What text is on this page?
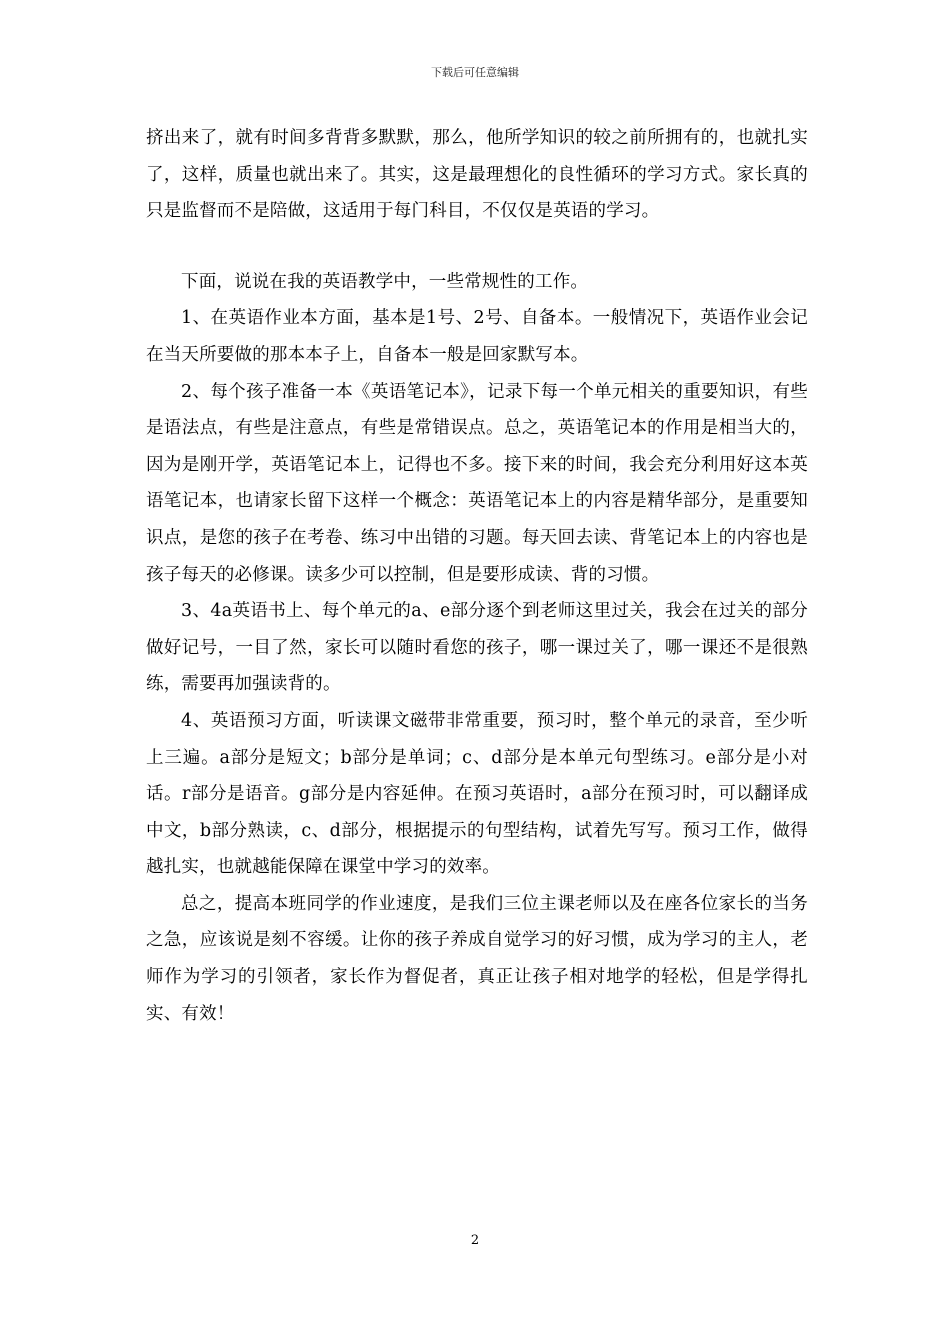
下载后可任意编辑

挤出来了，就有时间多背背多默默，那么，他所学知识的较之前所拥有的，也就扎实了，这样，质量也就出来了。其实，这是最理想化的良性循环的学习方式。家长真的只是监督而不是陪做，这适用于每门科目，不仅仅是英语的学习。

下面，说说在我的英语教学中，一些常规性的工作。

1、在英语作业本方面，基本是1号、2号、自备本。一般情况下，英语作业会记在当天所要做的那本本子上，自备本一般是回家默写本。

2、每个孩子准备一本《英语笔记本》，记录下每一个单元相关的重要知识，有些是语法点，有些是注意点，有些是常错误点。总之，英语笔记本的作用是相当大的，因为是刚开学，英语笔记本上，记得也不多。接下来的时间，我会充分利用好这本英语笔记本，也请家长留下这样一个概念：英语笔记本上的内容是精华部分，是重要知识点，是您的孩子在考卷、练习中出错的习题。每天回去读、背笔记本上的内容也是孩子每天的必修课。读多少可以控制，但是要形成读、背的习惯。

3、4a英语书上、每个单元的a、e部分逐个到老师这里过关，我会在过关的部分做好记号，一目了然，家长可以随时看您的孩子，哪一课过关了，哪一课还不是很熟练，需要再加强读背的。

4、英语预习方面，听读课文磁带非常重要，预习时，整个单元的录音，至少听上三遍。a部分是短文；b部分是单词；c、d部分是本单元句型练习。e部分是小对话。r部分是语音。g部分是内容延伸。在预习英语时，a部分在预习时，可以翻译成中文，b部分熟读，c、d部分，根据提示的句型结构，试着先写写。预习工作，做得越扎实，也就越能保障在课堂中学习的效率。

总之，提高本班同学的作业速度，是我们三位主课老师以及在座各位家长的当务之急，应该说是刻不容缓。让你的孩子养成自觉学习的好习惯，成为学习的主人，老师作为学习的引领者，家长作为督促者，真正让孩子相对地学的轻松，但是学得扎实、有效！

2
